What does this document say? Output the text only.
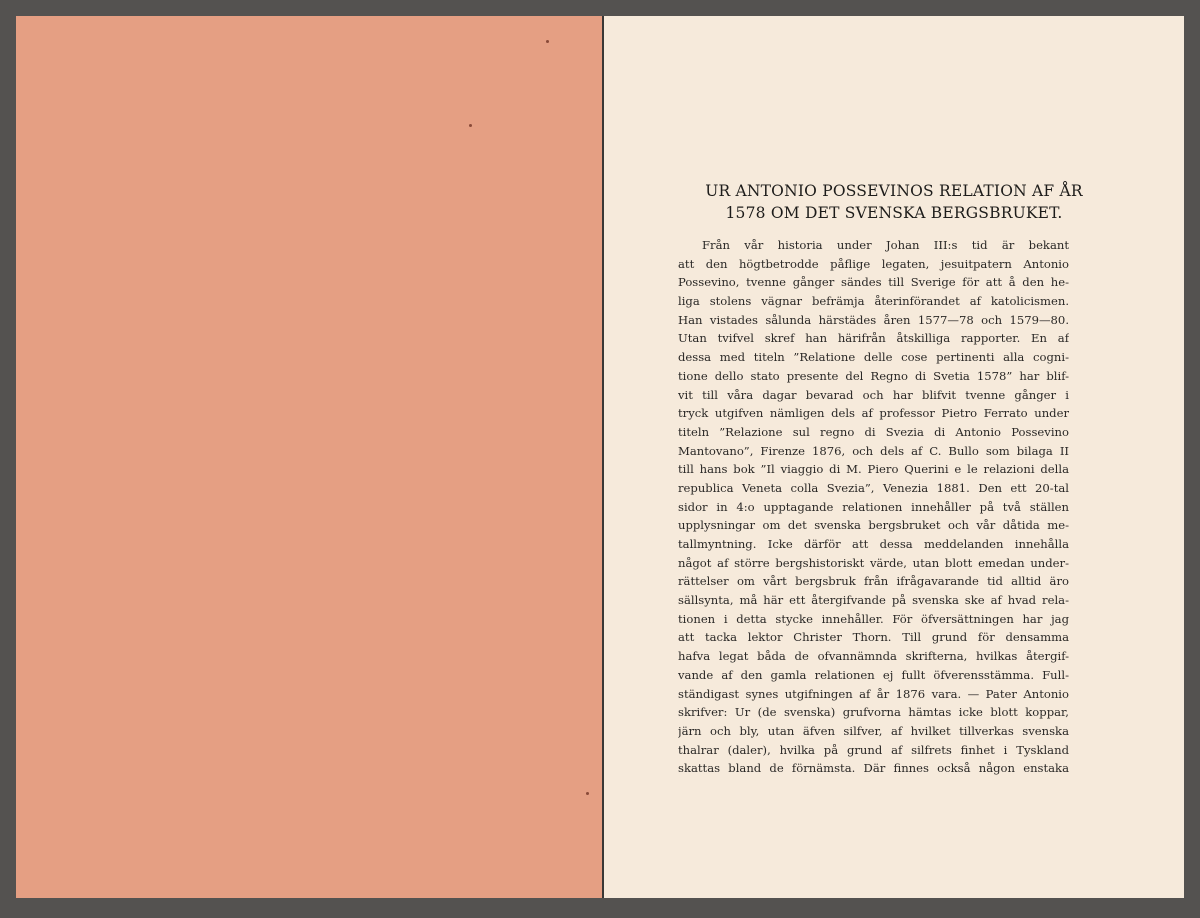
UR ANTONIO POSSEVINOS RELATION AF ÅR
1578 OM DET SVENSKA BERGSBRUKET.
Från vår historia under Johan III:s tid är bekant
att den högtbetrodde påflige legaten, jesuitpatern Antonio
Possevino, tvenne gånger sändes till Sverige för att å den he-
liga stolens vägnar befrämja återinförandet af katolicismen.
Han vistades sålunda härstädes åren 1577—78 och 1579—80.
Utan tvifvel skref han härifrån åtskilliga rapporter. En af
dessa med titeln ”Relatione delle cose pertinenti alla cogni-
tione dello stato presente del Regno di Svetia 1578” har blif-
vit till våra dagar bevarad och har blifvit tvenne gånger i
tryck utgifven nämligen dels af professor Pietro Ferrato under
titeln ”Relazione sul regno di Svezia di Antonio Possevino
Mantovano”, Firenze 1876, och dels af C. Bullo som bilaga II
till hans bok ”Il viaggio di M. Piero Querini e le relazioni della
republica Veneta colla Svezia”, Venezia 1881. Den ett 20-tal
sidor in 4:o upptagande relationen innehåller på två ställen
upplysningar om det svenska bergsbruket och vår dåtida me-
tallmyntning. Icke därför att dessa meddelanden innehålla
något af större bergshistoriskt värde, utan blott emedan under-
rättelser om vårt bergsbruk från ifrågavarande tid alltid äro
sällsynta, må här ett återgifvande på svenska ske af hvad rela-
tionen i detta stycke innehåller. För öfversättningen har jag
att tacka lektor Christer Thorn. Till grund för densamma
hafva legat båda de ofvannämnda skrifterna, hvilkas återgif-
vande af den gamla relationen ej fullt öfverensstämma. Full-
ständigast synes utgifningen af år 1876 vara. — Pater Antonio
skrifver: Ur (de svenska) grufvorna hämtas icke blott koppar,
järn och bly, utan äfven silfver, af hvilket tillverkas svenska
thalrar (daler), hvilka på grund af silfrets finhet i Tyskland
skattas bland de förnämsta. Där finnes också någon enstaka
